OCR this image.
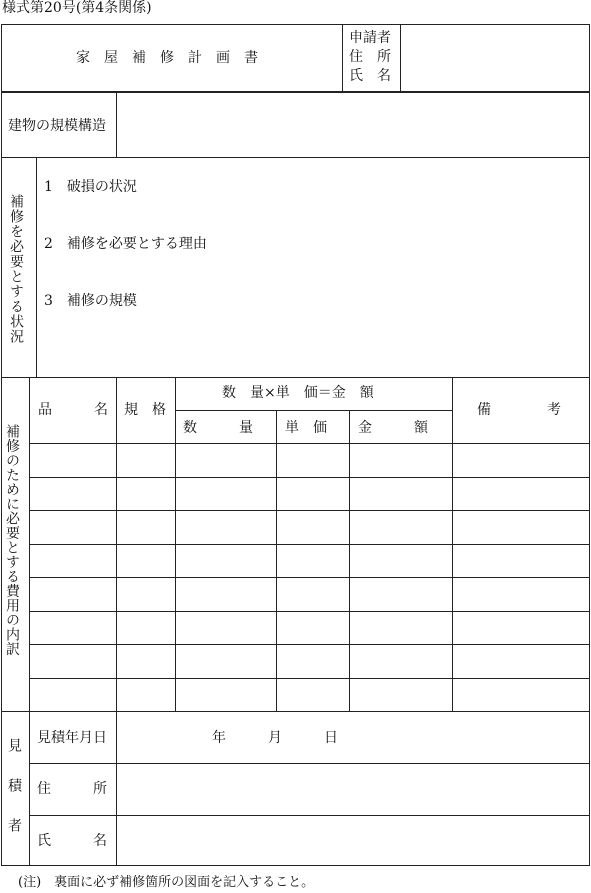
様式第20号(第4条関係)
家　屋　補　修　計　画　書
申請者
住　所
氏　名
建物の規模構造
補修を必要とする状況
1　破損の状況
2　補修を必要とする理由
3　補修の規模
補修のために必要とする費用の内訳
品　　　名 規　格
数　量×単　価＝金　額
数　　　量 単　価 金　　　額
備　　　　考
見積者 見積年月日	年　　　月　　　日
住　　　所
氏　　　名
(注)　裏面に必ず補修箇所の図面を記入すること。
